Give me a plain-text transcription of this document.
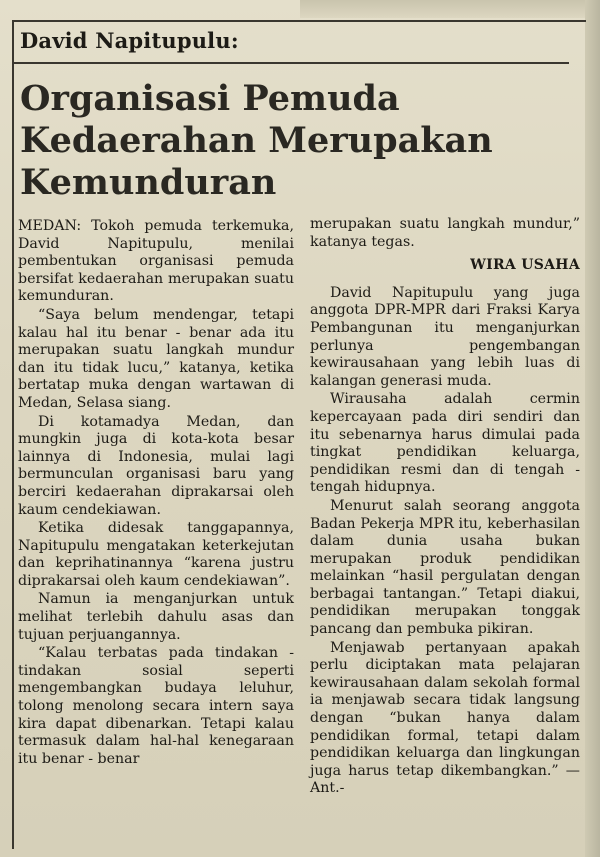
David Napitupulu:
Organisasi Pemuda
Kedaerahan Merupakan
Kemunduran

MEDAN: Tokoh pemuda terkemuka, David Napitupulu, menilai pembentukan organisasi pemuda bersifat kedaerahan merupakan suatu kemunduran.

“Saya belum mendengar, tetapi kalau hal itu benar - benar ada itu merupakan suatu langkah mundur dan itu tidak lucu,” katanya, ketika bertatap muka dengan wartawan di Medan, Selasa siang.

Di kotamadya Medan, dan mungkin juga di kota-kota besar lainnya di Indonesia, mulai lagi bermunculan organisasi baru yang berciri kedaerahan diprakarsai oleh kaum cendekiawan.

Ketika didesak tanggapannya, Napitupulu mengatakan keterkejutan dan keprihatinannya “karena justru diprakarsai oleh kaum cendekiawan”.

Namun ia menganjurkan untuk melihat terlebih dahulu asas dan tujuan perjuangannya.

“Kalau terbatas pada tindakan - tindakan sosial seperti mengembangkan budaya leluhur, tolong menolong secara intern saya kira dapat dibenarkan. Tetapi kalau termasuk dalam hal-hal kenegaraan itu benar - benar

merupakan suatu langkah mundur,” katanya tegas.

WIRA USAHA

David Napitupulu yang juga anggota DPR-MPR dari Fraksi Karya Pembangunan itu menganjurkan perlunya pengembangan kewirausahaan yang lebih luas di kalangan generasi muda.

Wirausaha adalah cermin kepercayaan pada diri sendiri dan itu sebenarnya harus dimulai pada tingkat pendidikan keluarga, pendidikan resmi dan di tengah - tengah hidupnya.

Menurut salah seorang anggota Badan Pekerja MPR itu, keberhasilan dalam dunia usaha bukan merupakan produk pendidikan melainkan “hasil pergulatan dengan berbagai tantangan.” Tetapi diakui, pendidikan merupakan tonggak pancang dan pembuka pikiran.

Menjawab pertanyaan apakah perlu diciptakan mata pelajaran kewirausahaan dalam sekolah formal ia menjawab secara tidak langsung dengan “bukan hanya dalam pendidikan formal, tetapi dalam pendidikan keluarga dan lingkungan juga harus tetap dikembangkan.” — Ant.-
